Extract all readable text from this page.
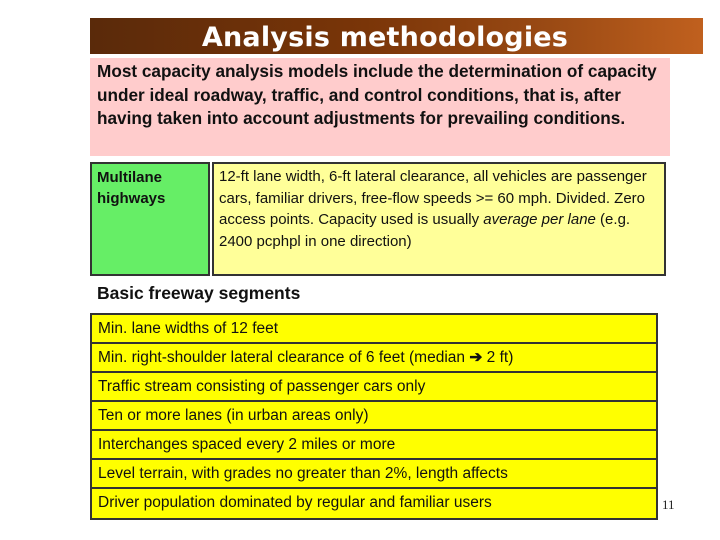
Analysis methodologies
Most capacity analysis models include the determination of capacity under ideal roadway, traffic, and control conditions, that is, after having taken into account adjustments for prevailing conditions.
Multilane highways
12-ft lane width, 6-ft lateral clearance, all vehicles are passenger cars, familiar drivers, free-flow speeds >= 60 mph. Divided. Zero access points. Capacity used is usually average per lane (e.g. 2400 pcphpl in one direction)
Basic freeway segments
Min. lane widths of 12 feet
Min. right-shoulder lateral clearance of 6 feet (median ➔ 2 ft)
Traffic stream consisting of passenger cars only
Ten or more lanes (in urban areas only)
Interchanges spaced every 2 miles or more
Level terrain, with grades no greater than 2%, length affects
Driver population dominated by regular and familiar users	11
